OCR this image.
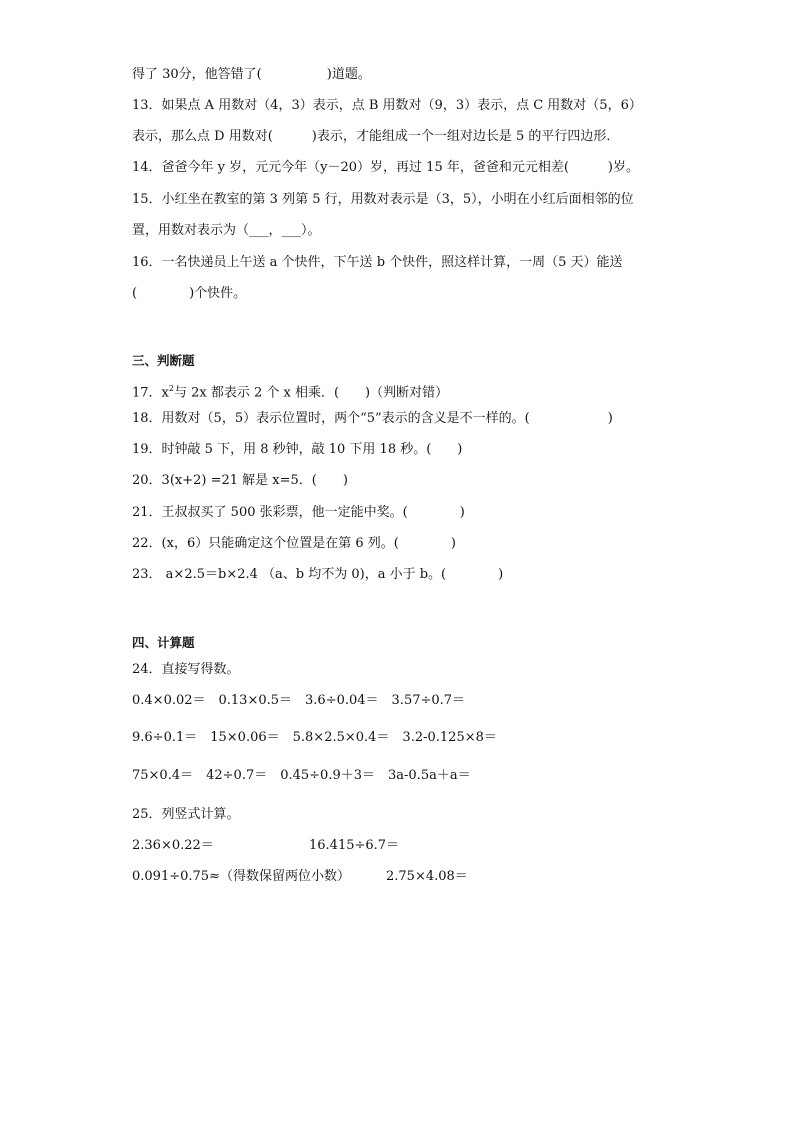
得了 30分，他答错了(　　　　　)道题。
13．如果点 A 用数对（4，3）表示，点 B 用数对（9，3）表示，点 C 用数对（5，6）
表示，那么点 D 用数对(　　　)表示，才能组成一个一组对边长是 5 的平行四边形．
14．爸爸今年 y 岁，元元今年（y－20）岁，再过 15 年，爸爸和元元相差(　　　)岁。
15．小红坐在教室的第 3 列第 5 行，用数对表示是（3，5），小明在小红后面相邻的位
置，用数对表示为（___，___）。
16．一名快递员上午送 a 个快件，下午送 b 个快件，照这样计算，一周（5 天）能送
(　　　　)个快件。
三、判断题
17．$x^2$与 2x 都表示 2 个 x 相乘．(　　)（判断对错）
18．用数对（5，5）表示位置时，两个“5”表示的含义是不一样的。(　　　　　　)
19．时钟敲 5 下，用 8 秒钟，敲 10 下用 18 秒。(　　)
20．3(x+2) =21 解是 x=5．(　　)
21．王叔叔买了 500 张彩票，他一定能中奖。(　　　　)
22．(x，6）只能确定这个位置是在第 6 列。(　　　　)
23． a×2.5＝b×2.4 （a、b 均不为 0)，a 小于 b。(　　　　)
四、计算题
24．直接写得数。
0.4×0.02＝　0.13×0.5＝　3.6÷0.04＝　3.57÷0.7＝
9.6÷0.1＝　15×0.06＝　5.8×2.5×0.4＝　3.2-0.125×8＝
75×0.4＝　42÷0.7＝　0.45÷0.9＋3＝　3a-0.5a＋a＝
25．列竖式计算。
2.36×0.22＝	16.415÷6.7＝
0.091÷0.75≈（得数保留两位小数）	2.75×4.08＝
